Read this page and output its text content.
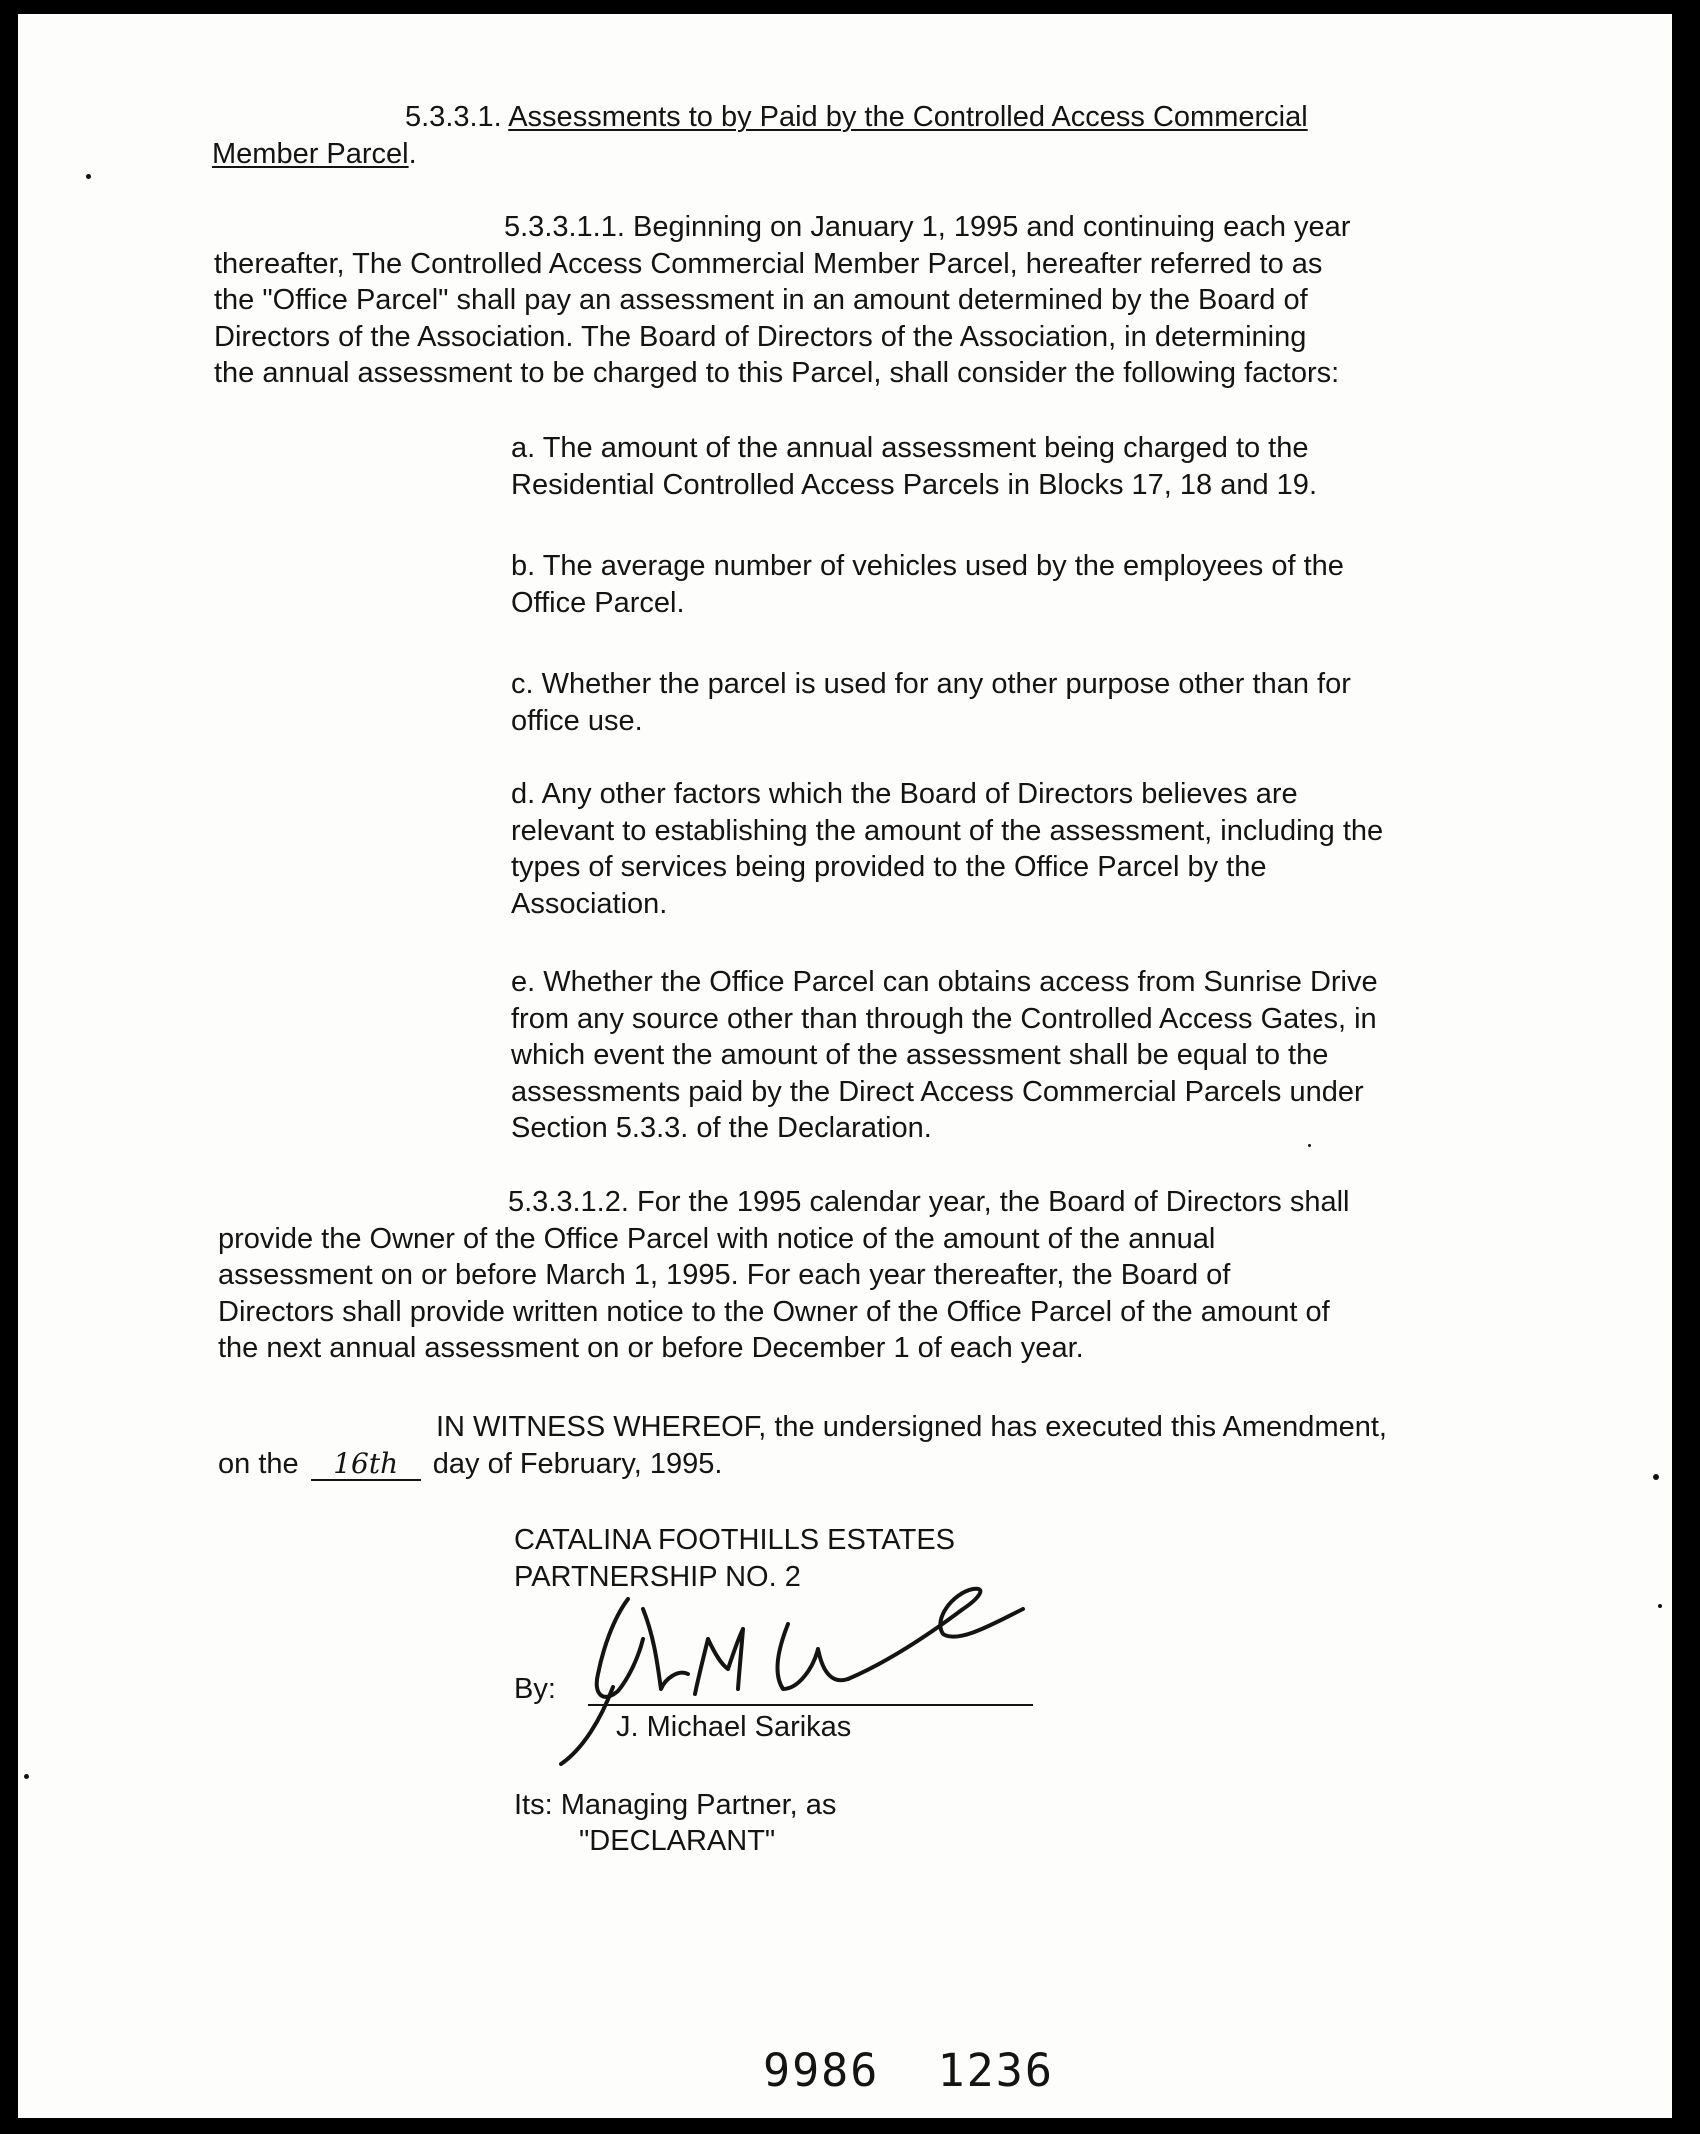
5.3.3.1. Assessments to by Paid by the Controlled Access Commercial
Member Parcel.
5.3.3.1.1. Beginning on January 1, 1995 and continuing each year
thereafter, The Controlled Access Commercial Member Parcel, hereafter referred to as
the "Office Parcel" shall pay an assessment in an amount determined by the Board of
Directors of the Association. The Board of Directors of the Association, in determining
the annual assessment to be charged to this Parcel, shall consider the following factors:
a. The amount of the annual assessment being charged to the
Residential Controlled Access Parcels in Blocks 17, 18 and 19.
b. The average number of vehicles used by the employees of the
Office Parcel.
c. Whether the parcel is used for any other purpose other than for
office use.
d. Any other factors which the Board of Directors believes are
relevant to establishing the amount of the assessment, including the
types of services being provided to the Office Parcel by the
Association.
e. Whether the Office Parcel can obtains access from Sunrise Drive
from any source other than through the Controlled Access Gates, in
which event the amount of the assessment shall be equal to the
assessments paid by the Direct Access Commercial Parcels under
Section 5.3.3. of the Declaration.
5.3.3.1.2. For the 1995 calendar year, the Board of Directors shall
provide the Owner of the Office Parcel with notice of the amount of the annual
assessment on or before March 1, 1995. For each year thereafter, the Board of
Directors shall provide written notice to the Owner of the Office Parcel of the amount of
the next annual assessment on or before December 1 of each year.
IN WITNESS WHEREOF, the undersigned has executed this Amendment,
on the 16th day of February, 1995.
CATALINA FOOTHILLS ESTATES
PARTNERSHIP NO. 2
By:
J. Michael Sarikas
Its: Managing Partner, as
"DECLARANT"
9986  1236
